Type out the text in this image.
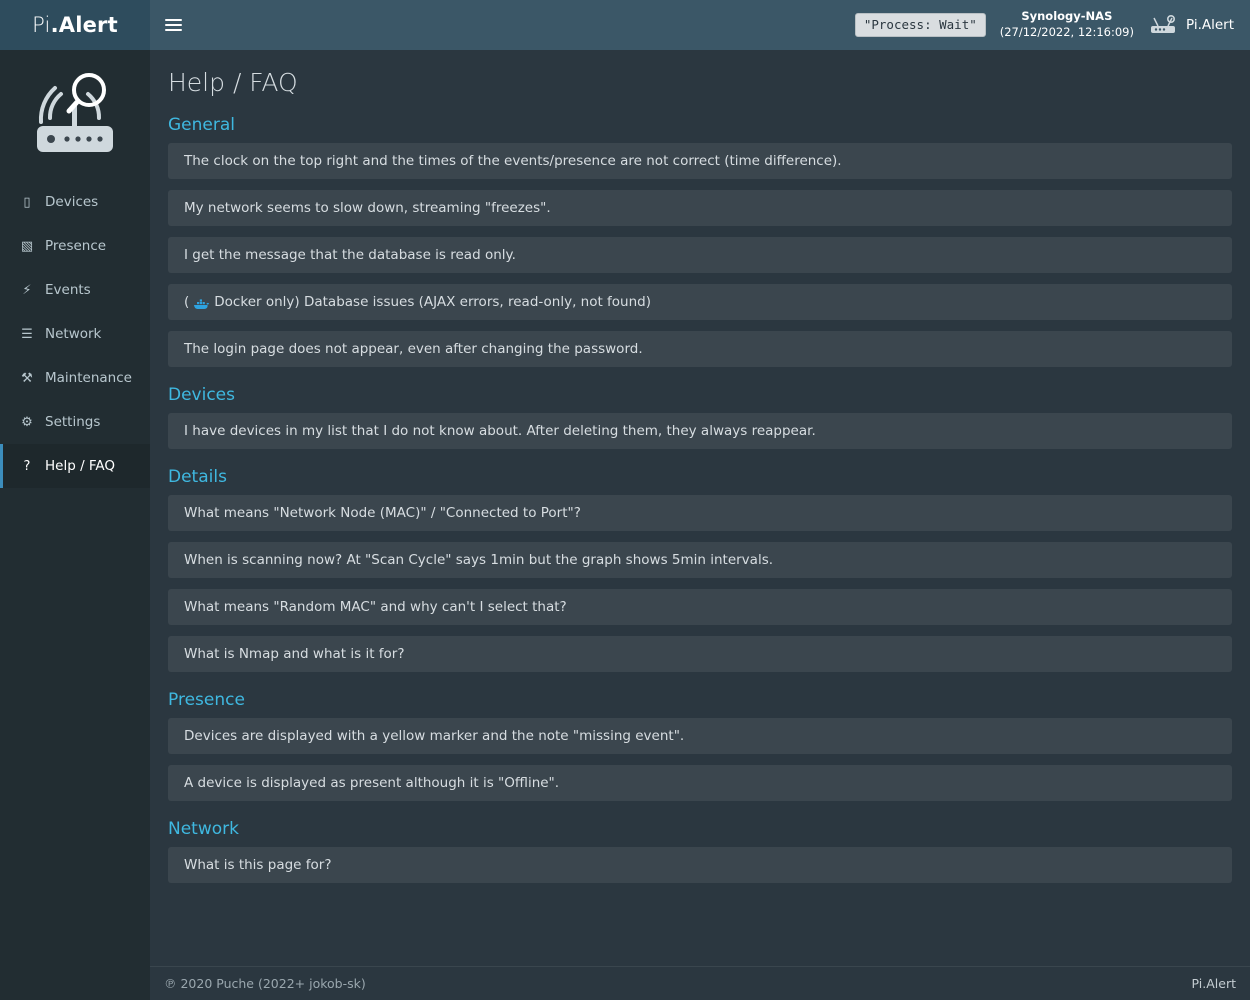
Pi .Alert	"Process: Wait"
Synology-NAS
(27/12/2022, 12:16:09)	Pi.Alert
▯	Devices
▧ Presence
⚡ Events
☰ Network
⚒ Maintenance
⚙ Settings
?	Help / FAQ
Help / FAQ
General
The clock on the top right and the times of the events/presence are not correct (time difference).
My network seems to slow down, streaming "freezes".
I get the message that the database is read only.
( Docker only) Database issues (AJAX errors, read-only, not found)
The login page does not appear, even after changing the password.
Devices
I have devices in my list that I do not know about. After deleting them, they always reappear.
Details
What means "Network Node (MAC)" / "Connected to Port"?
When is scanning now? At "Scan Cycle" says 1min but the graph shows 5min intervals.
What means "Random MAC" and why can't I select that?
What is Nmap and what is it for?
Presence
Devices are displayed with a yellow marker and the note "missing event".
A device is displayed as present although it is "Offline".
Network
What is this page for?
℗ 2020 Puche (2022+ jokob-sk)	Pi.Alert
